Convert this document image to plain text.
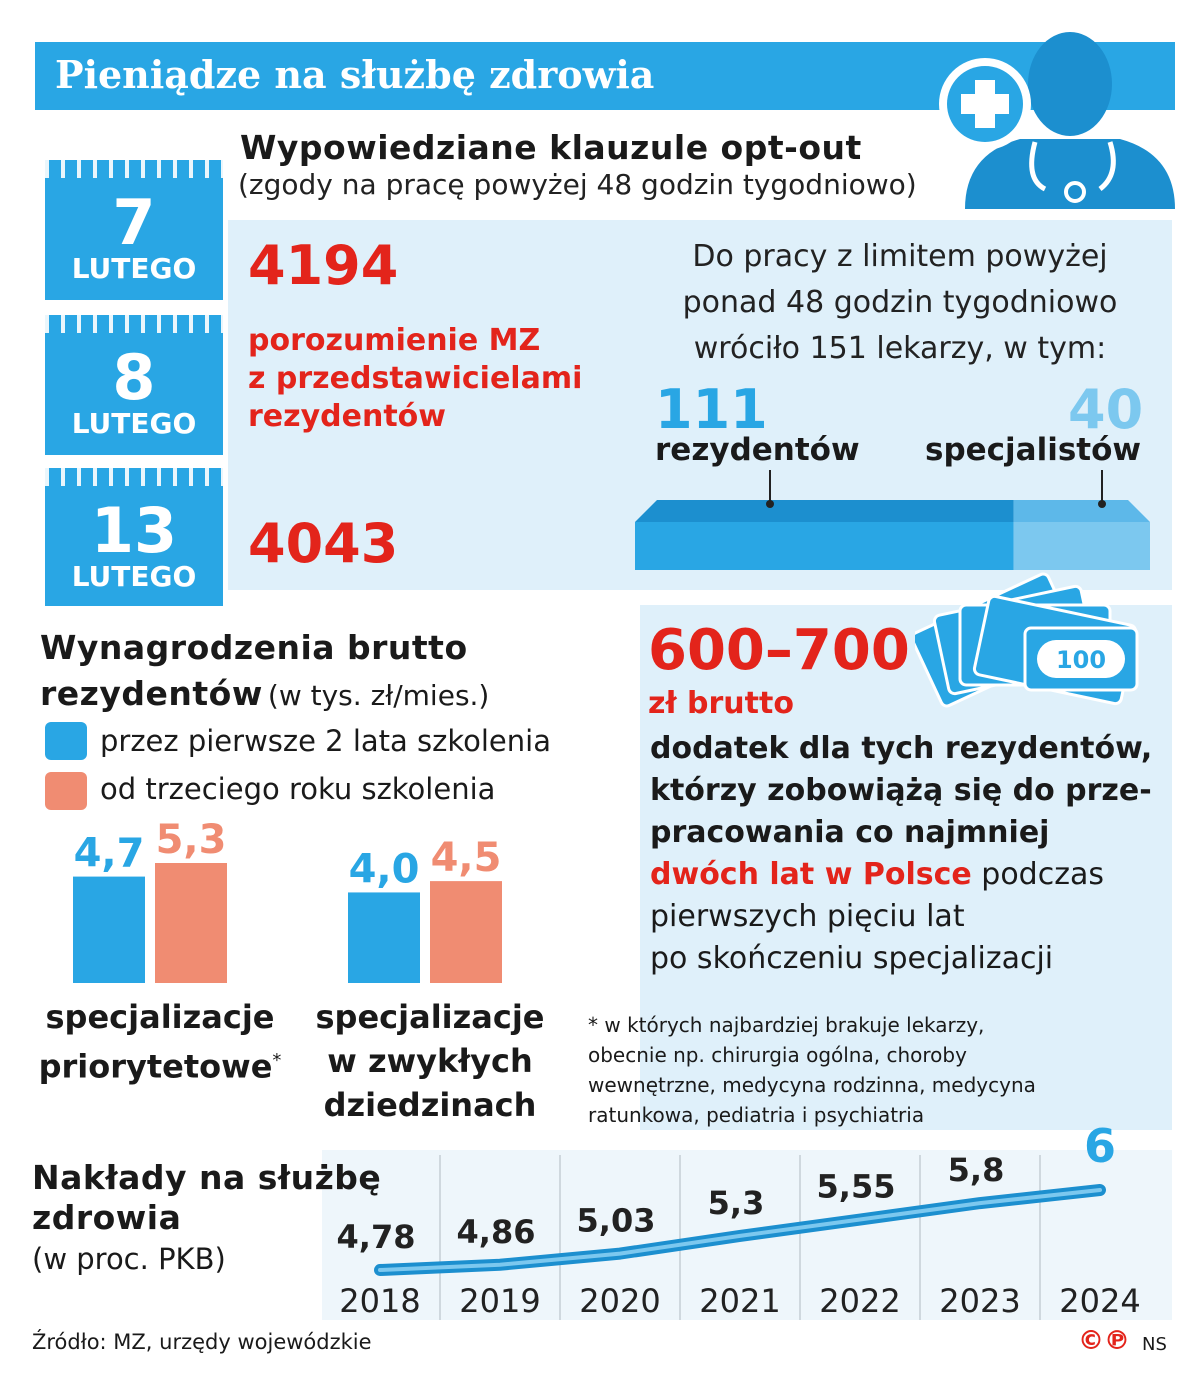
Pieniądze na służbę zdrowia
Wypowiedziane klauzule opt-out
(zgody na pracę powyżej 48 godzin tygodniowo)
7
LUTEGO
8
LUTEGO
13
LUTEGO
4194
porozumienie MZ
z przedstawicielami
rezydentów
4043
Do pracy z limitem powyżej
ponad 48 godzin tygodniowo
wróciło 151 lekarzy, w tym:
111
rezydentów
40
specjalistów
Wynagrodzenia brutto
rezydentów (w tys. zł/mies.)
przez pierwsze 2 lata szkolenia
od trzeciego roku szkolenia
4,7	4,0
5,3	4,5
specjalizacje
priorytetowe*
specjalizacje
w zwykłych
dziedzinach
100
600–700
zł brutto
dodatek dla tych rezydentów,
którzy zobowiążą się do prze-
pracowania co najmniej
dwóch lat w Polsce podczas
pierwszych pięciu lat
po skończeniu specjalizacji
* w których najbardziej brakuje lekarzy,
obecnie np. chirurgia ogólna, choroby
wewnętrzne, medycyna rodzinna, medycyna
ratunkowa, pediatria i psychiatria
Nakłady na służbę
zdrowia
(w proc. PKB)
4,78
2018
4,86
2019
5,03
2020
5,3
2021
5,55
2022
5,8
2023
6
2024
Źródło: MZ, urzędy wojewódzkie	©℗ NS
